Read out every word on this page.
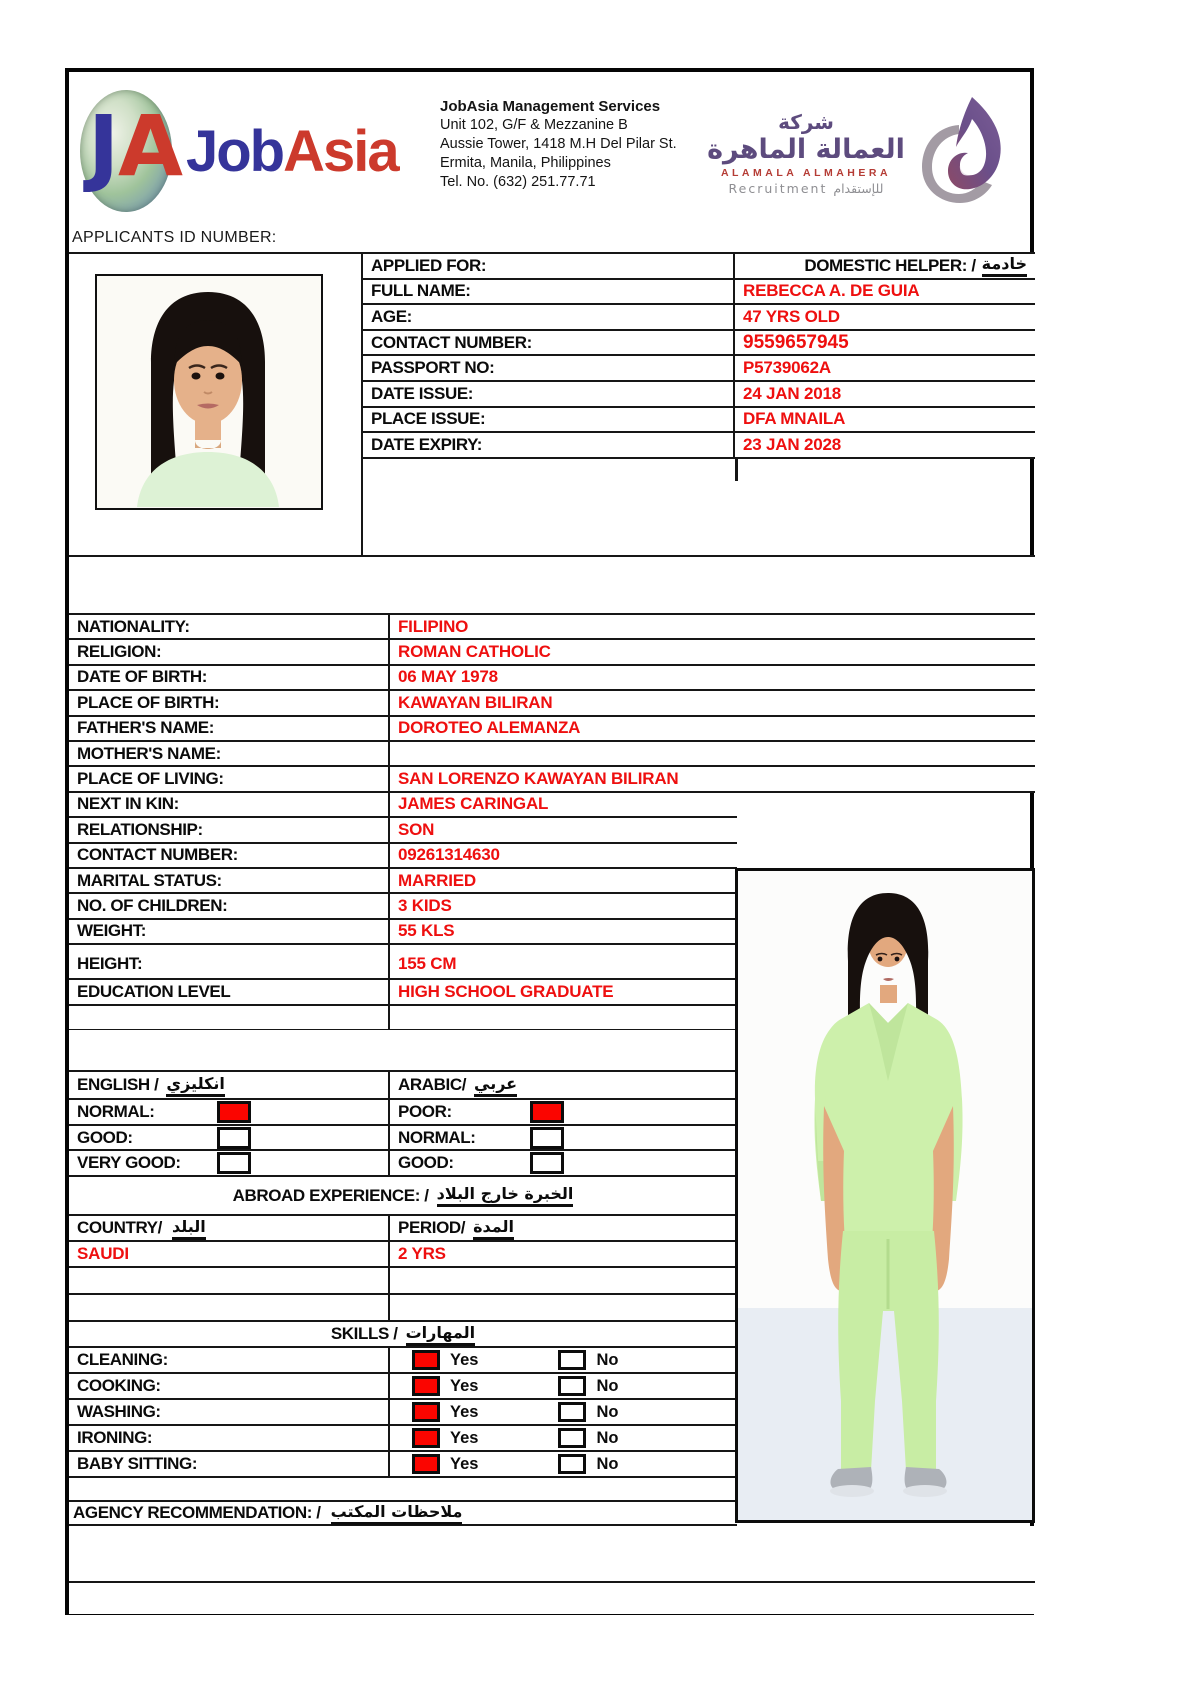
J
A JobAsia
JobAsia Management Services
Unit 102, G/F & Mezzanine B
Aussie Tower, 1418 M.H Del Pilar St.
Ermita, Manila, Philippines
Tel. No. (632) 251.77.71
شركة
العمالة الماهرة
ALAMALA ALMAHERA
Recruitment للإستقدام
APPLICANTS ID NUMBER:
APPLIED FOR:	DOMESTIC HELPER: / خادمة
FULL NAME:	REBECCA A. DE GUIA
AGE:	47 YRS OLD
CONTACT NUMBER:	9559657945
PASSPORT NO:	P5739062A
DATE ISSUE:	24 JAN 2018
PLACE ISSUE:	DFA MNAILA
DATE EXPIRY:	23 JAN 2028
NATIONALITY:	FILIPINO
RELIGION:	ROMAN CATHOLIC
DATE OF BIRTH:	06 MAY 1978
PLACE OF BIRTH:	KAWAYAN BILIRAN
FATHER'S NAME:	DOROTEO ALEMANZA
MOTHER'S NAME:
PLACE OF LIVING:	SAN LORENZO KAWAYAN BILIRAN
NEXT IN KIN:	JAMES CARINGAL
RELATIONSHIP:	SON
CONTACT NUMBER:	09261314630
MARITAL STATUS:	MARRIED
NO. OF CHILDREN:	3 KIDS
WEIGHT:	55 KLS
HEIGHT:	155 CM
EDUCATION LEVEL	HIGH SCHOOL GRADUATE
ENGLISH / انكليزي	ARABIC/ عربي
NORMAL:	POOR:
GOOD:	NORMAL:
VERY GOOD:	GOOD:
ABROAD EXPERIENCE: / الخبرة خارج البلاد
COUNTRY/ البلد	PERIOD/ المدة
SAUDI	2 YRS
SKILLS / المهارات
CLEANING:	Yes	No
COOKING:	Yes	No
WASHING:	Yes	No
IRONING:	Yes	No
BABY SITTING:	Yes	No
AGENCY RECOMMENDATION: / ملاحظات المكتب
